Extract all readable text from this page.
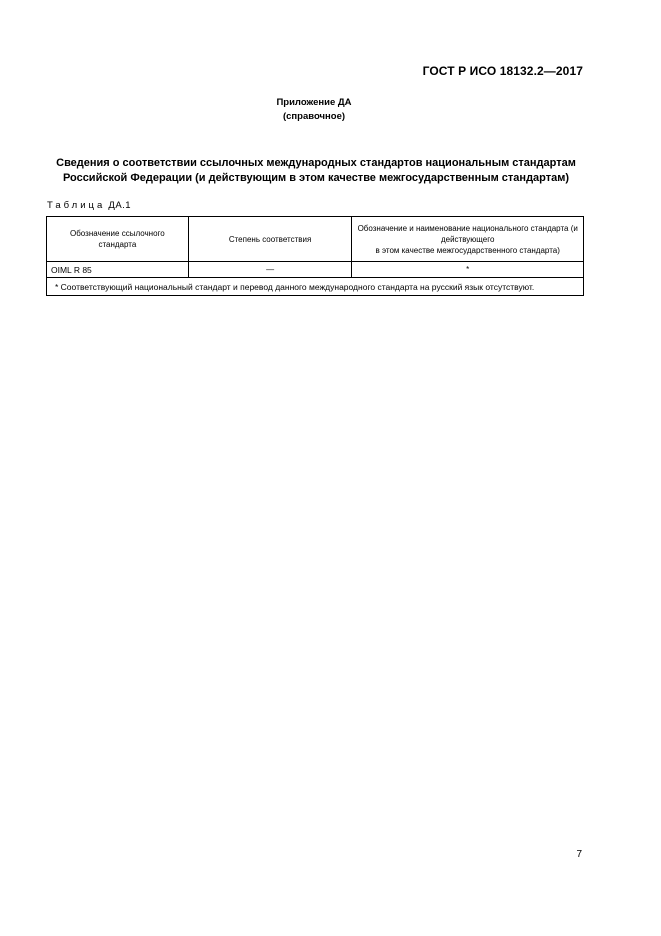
ГОСТ Р ИСО 18132.2—2017
Приложение ДА
(справочное)
Сведения о соответствии ссылочных международных стандартов национальным стандартам
Российской Федерации (и действующим в этом качестве межгосударственным стандартам)
Таблица ДА.1
Обозначение ссылочного стандарта	Степень соответствия	Обозначение и наименование национального стандарта (и действующего
в этом качестве межгосударственного стандарта)
OIML R 85	—	*
* Соответствующий национальный стандарт и перевод данного международного стандарта на русский язык отсутствуют.		
7
